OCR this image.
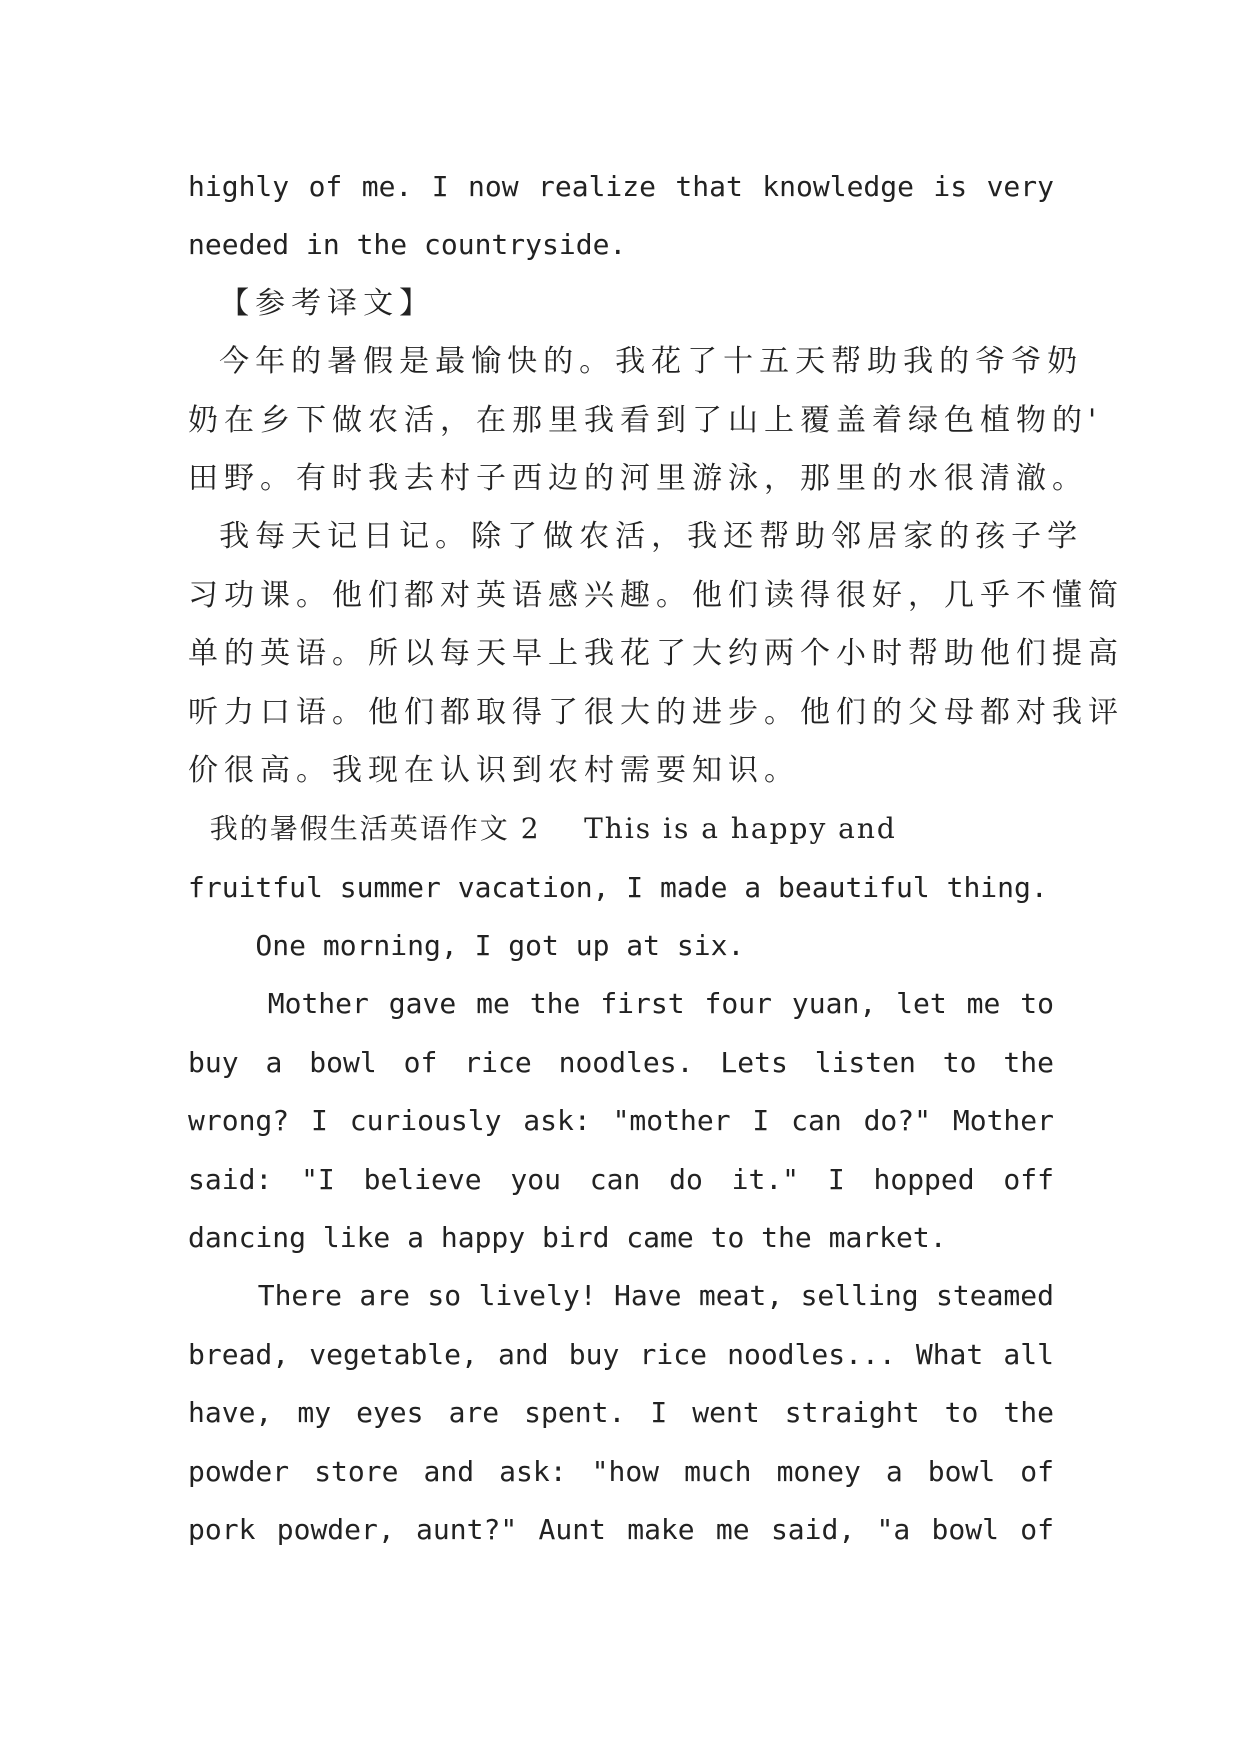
highly of me. I now realize that knowledge is very
needed in the countryside.
【参考译文】
今年的暑假是最愉快的。我花了十五天帮助我的爷爷奶
奶在乡下做农活，在那里我看到了山上覆盖着绿色植物的'
田野。有时我去村子西边的河里游泳，那里的水很清澈。
我每天记日记。除了做农活，我还帮助邻居家的孩子学
习功课。他们都对英语感兴趣。他们读得很好，几乎不懂简
单的英语。所以每天早上我花了大约两个小时帮助他们提高
听力口语。他们都取得了很大的进步。他们的父母都对我评
价很高。我现在认识到农村需要知识。
我的暑假生活英语作文 2    This is a happy and
fruitful summer vacation, I made a beautiful thing.
One morning, I got up at six.
Mother gave me the first four yuan, let me to
buy a bowl of rice noodles. Lets listen to the
wrong? I curiously ask: "mother I can do?" Mother
said: "I believe you can do it." I hopped off
dancing like a happy bird came to the market.
There are so lively! Have meat, selling steamed
bread, vegetable, and buy rice noodles... What all
have, my eyes are spent. I went straight to the
powder store and ask: "how much money a bowl of
pork powder, aunt?" Aunt make me said, "a bowl of
